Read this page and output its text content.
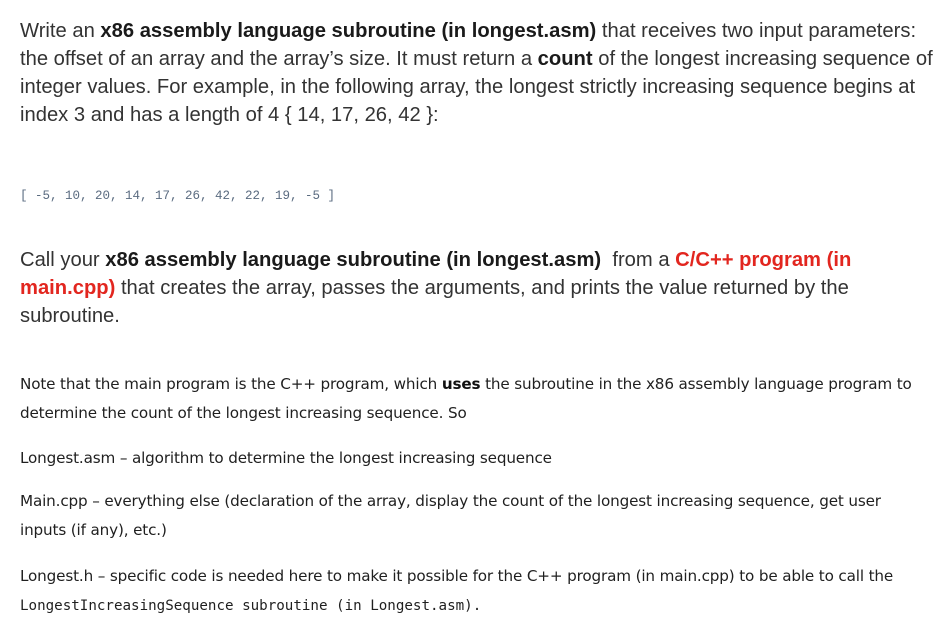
Write an x86 assembly language subroutine (in longest.asm) that receives two input parameters: the offset of an array and the array’s size. It must return a count of the longest increasing sequence of integer values. For example, in the following array, the longest strictly increasing sequence begins at index 3 and has a length of 4 { 14, 17, 26, 42 }:

[ -5, 10, 20, 14, 17, 26, 42, 22, 19, -5 ]

Call your x86 assembly language subroutine (in longest.asm)  from a C/C++ program (in main.cpp) that creates the array, passes the arguments, and prints the value returned by the subroutine.

Note that the main program is the C++ program, which uses the subroutine in the x86 assembly language program to determine the count of the longest increasing sequence. So

Longest.asm – algorithm to determine the longest increasing sequence

Main.cpp – everything else (declaration of the array, display the count of the longest increasing sequence, get user inputs (if any), etc.)

Longest.h – specific code is needed here to make it possible for the C++ program (in main.cpp) to be able to call the LongestIncreasingSequence subroutine (in Longest.asm).
